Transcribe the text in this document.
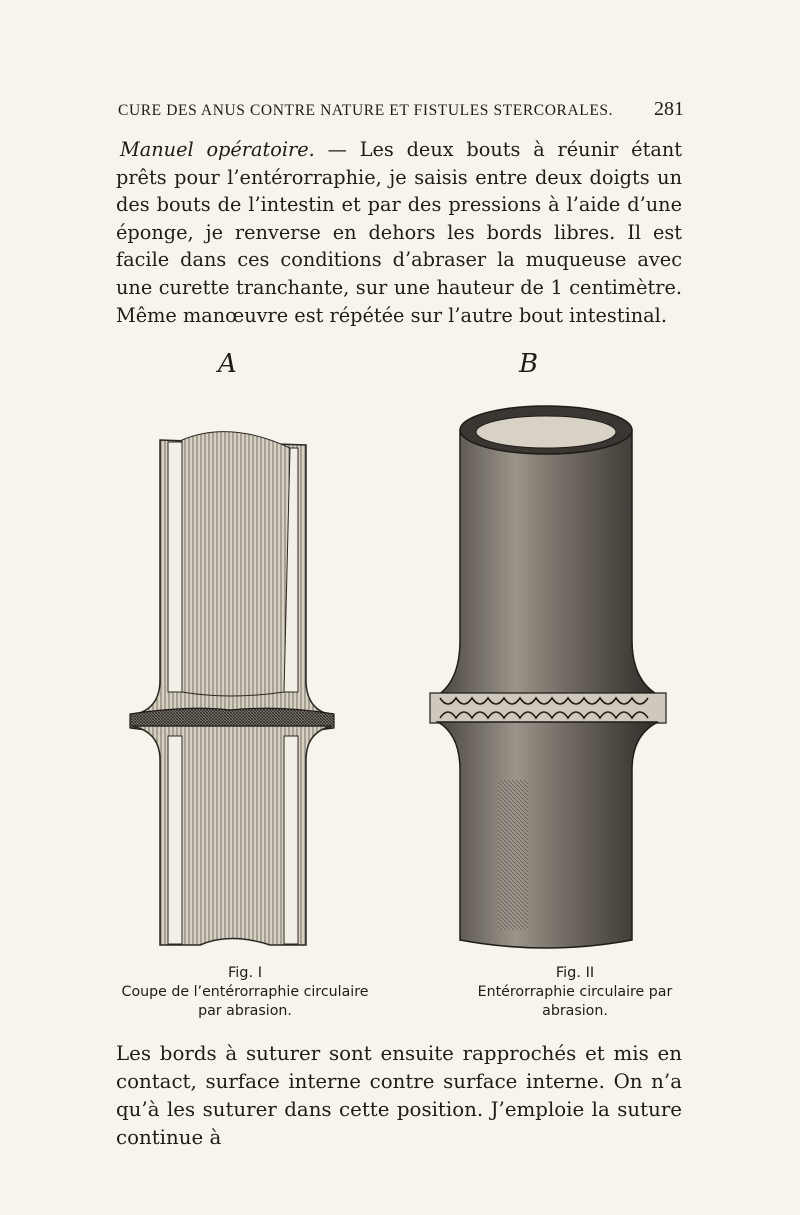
CURE DES ANUS CONTRE NATURE ET FISTULES STERCORALES. 281

Manuel opératoire. — Les deux bouts à réunir étant prêts pour l’entérorraphie, je saisis entre deux doigts un des bouts de l’intestin et par des pressions à l’aide d’une éponge, je renverse en dehors les bords libres. Il est facile dans ces conditions d’abraser la muqueuse avec une curette tranchante, sur une hauteur de 1 centimètre. Même manœuvre est répétée sur l’autre bout intestinal.

A	B
Fig. I
Coupe de l’entérorraphie circulaire
par abrasion.
Fig. II
Entérorraphie circulaire par
abrasion.

Les bords à suturer sont ensuite rapprochés et mis en contact, surface interne contre surface interne. On n’a qu’à les suturer dans cette position. J’emploie la suture continue à
